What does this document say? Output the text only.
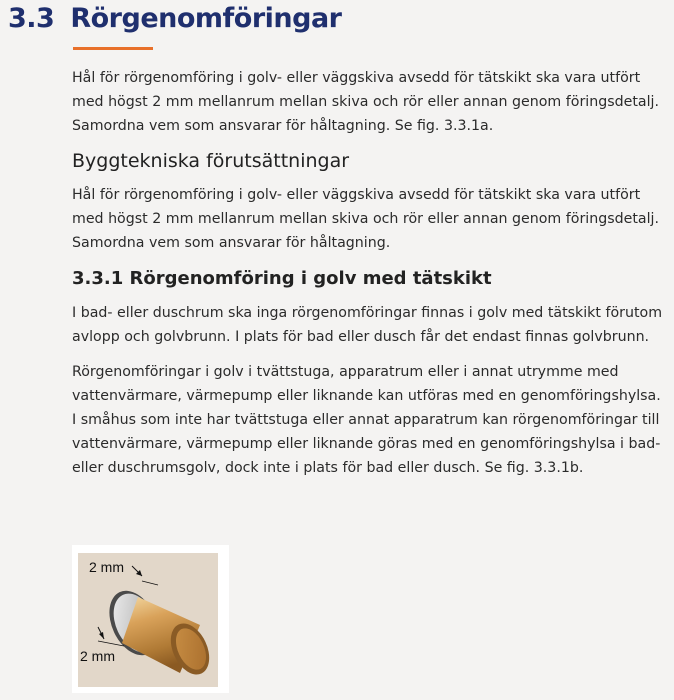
3.3 Rörgenomföringar

Hål för rörgenomföring i golv- eller väggskiva avsedd för tätskikt ska vara utfört med högst 2 mm mellanrum mellan skiva och rör eller annan genom föringsdetalj. Samordna vem som ansvarar för håltagning. Se fig. 3.3.1a.

Byggtekniska förutsättningar

Hål för rörgenomföring i golv- eller väggskiva avsedd för tätskikt ska vara utfört med högst 2 mm mellanrum mellan skiva och rör eller annan genom föringsdetalj. Samordna vem som ansvarar för håltagning.

3.3.1 Rörgenomföring i golv med tätskikt

I bad- eller duschrum ska inga rörgenomföringar finnas i golv med tätskikt förutom avlopp och golvbrunn. I plats för bad eller dusch får det endast finnas golvbrunn.

Rörgenomföringar i golv i tvättstuga, apparatrum eller i annat utrymme med vattenvärmare, värmepump eller liknande kan utföras med en genomföringshylsa. I småhus som inte har tvättstuga eller annat apparatrum kan rörgenomföringar till vattenvärmare, värmepump eller liknande göras med en genomföringshylsa i bad- eller duschrumsgolv, dock inte i plats för bad eller dusch. Se fig. 3.3.1b.

2 mm
2 mm
